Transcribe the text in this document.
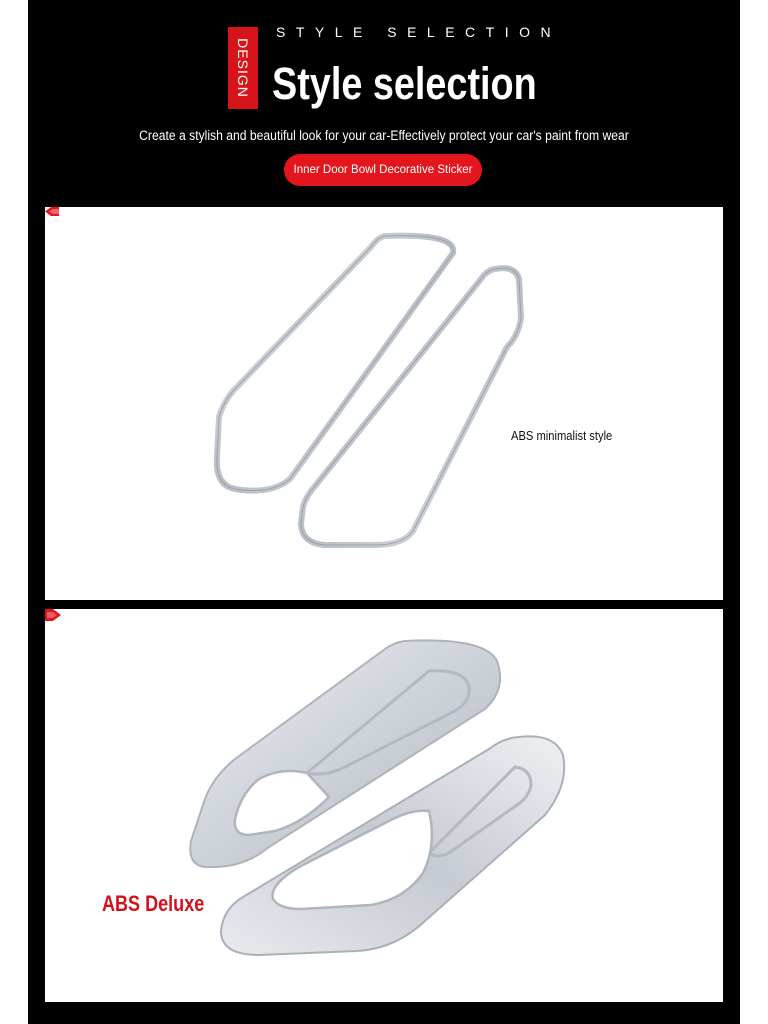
DESIGN
STYLE SELECTION
Style selection
Create a stylish and beautiful look for your car-Effectively protect your car's paint from wear
Inner Door Bowl Decorative Sticker
ABS minimalist style
ABS Deluxe
